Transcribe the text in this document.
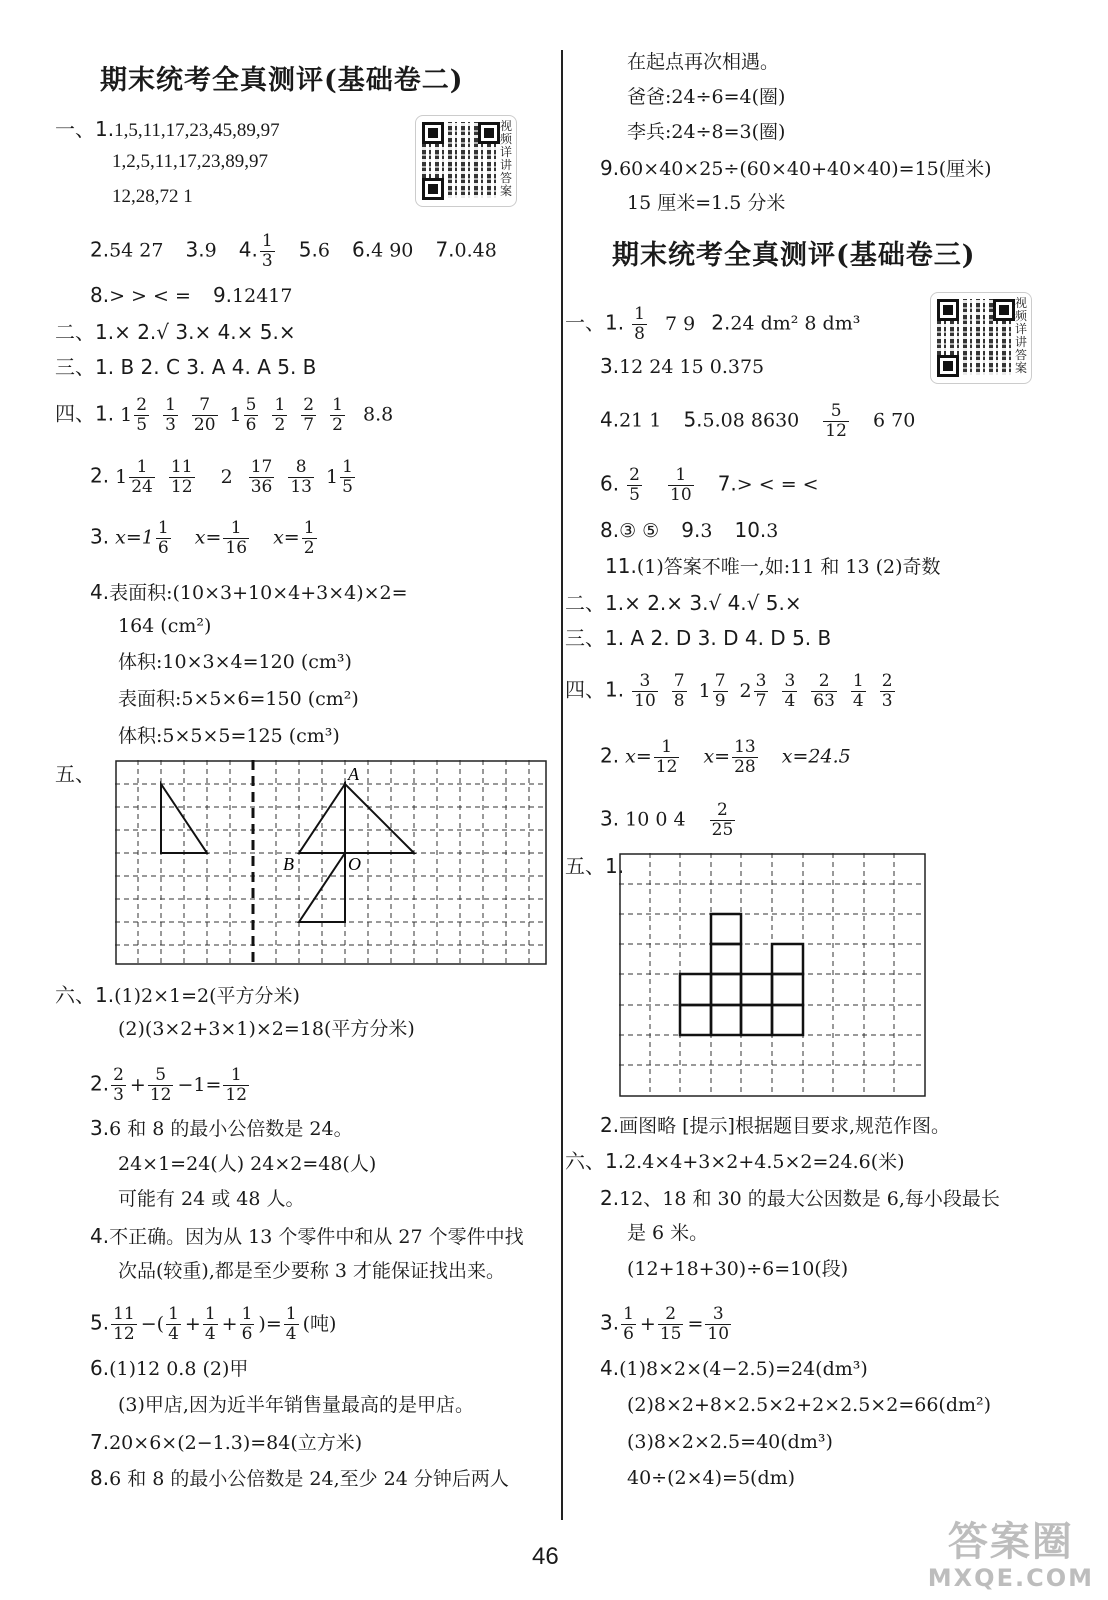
期末统考全真测评(基础卷二)
视频详讲答案
一、1.1,5,11,17,23,45,89,97
1,2,5,11,17,23,89,97
12,28,72 1
2.54 27 3.9 4. $\frac{1}{3} 5.6$ 6.4 90 7.0.48
8.> > < = 9.12417
二、1.× 2.√ 3.× 4.× 5.×
三、1. B 2. C 3. A 4. A 5. B
四、1. $1 \frac{2}{5} \frac{1}{3} \frac{7}{20} 1 \frac{5}{6} \frac{1}{2} \frac{2}{7} \frac{1}{2} 8.8$
2. $1 \frac{1}{24} \frac{11}{12} 2 \frac{17}{36} \frac{8}{13} 1 \frac{1}{5}$
3. $x=1 \frac{1}{6} x= \frac{1}{16} x= \frac{1}{2}$
4.表面积:(10×3+10×4+3×4)×2=
164 (cm²)
体积:10×3×4=120 (cm³)
表面积:5×5×6=150 (cm²)
体积:5×5×5=125 (cm³)
五、	A
B	O
六、1.(1)2×1=2(平方分米)
(2)(3×2+3×1)×2=18(平方分米)
2. $\frac{2}{3} + \frac{5}{12} -1= \frac{1}{12}$
3.6 和 8 的最小公倍数是 24。
24×1=24(人) 24×2=48(人)
可能有 24 或 48 人。
4.不正确。因为从 13 个零件中和从 27 个零件中找
次品(较重),都是至少要称 3 才能保证找出来。
5. $\frac{11}{12}$ −( $\frac{1}{4} + \frac{1}{4} + \frac{1}{6}$ )= $\frac{1}{4}$ (吨)
6.(1)12 0.8 (2)甲
(3)甲店,因为近半年销售量最高的是甲店。
7.20×6×(2−1.3)=84(立方米)
8.6 和 8 的最小公倍数是 24,至少 24 分钟后两人
在起点再次相遇。
爸爸:24÷6=4(圈)
李兵:24÷8=3(圈)
9.60×40×25÷(60×40+40×40)=15(厘米)
15 厘米=1.5 分米
期末统考全真测评(基础卷三)
视频详讲答案
一、1. $\frac{1}{8} 7$ 9 2.24 dm² 8 dm³
3.12 24 15 0.375
4.21 1 5.5.08 $8630 \frac{5}{12} 6$ 70
6. $\frac{2}{5}$
$\frac{1}{10} 7.>$ < = <
8.③ ⑤ 9.3 10.3
11.(1)答案不唯一,如:11 和 13 (2)奇数
二、1.× 2.× 3.√ 4.√ 5.×
三、1. A 2. D 3. D 4. D 5. B
四、1. $\frac{3}{10} \frac{7}{8} 1 \frac{7}{9} 2 \frac{3}{7} \frac{3}{4} \frac{2}{63} \frac{1}{4} \frac{2}{3}$
2. $x= \frac{1}{12} x= \frac{13}{28} x=24.5$
3. 10 0 $4 \frac{2}{25}$
五、1.
2.画图略 [提示]根据题目要求,规范作图。
六、1.2.4×4+3×2+4.5×2=24.6(米)
2.12、18 和 30 的最大公因数是 6,每小段最长
是 6 米。
(12+18+30)÷6=10(段)
3. $\frac{1}{6} + \frac{2}{15} = \frac{3}{10}$
4.(1)8×2×(4−2.5)=24(dm³)
(2)8×2+8×2.5×2+2×2.5×2=66(dm²)
(3)8×2×2.5=40(dm³)
40÷(2×4)=5(dm)
46	答案圈
MXQE.COM
